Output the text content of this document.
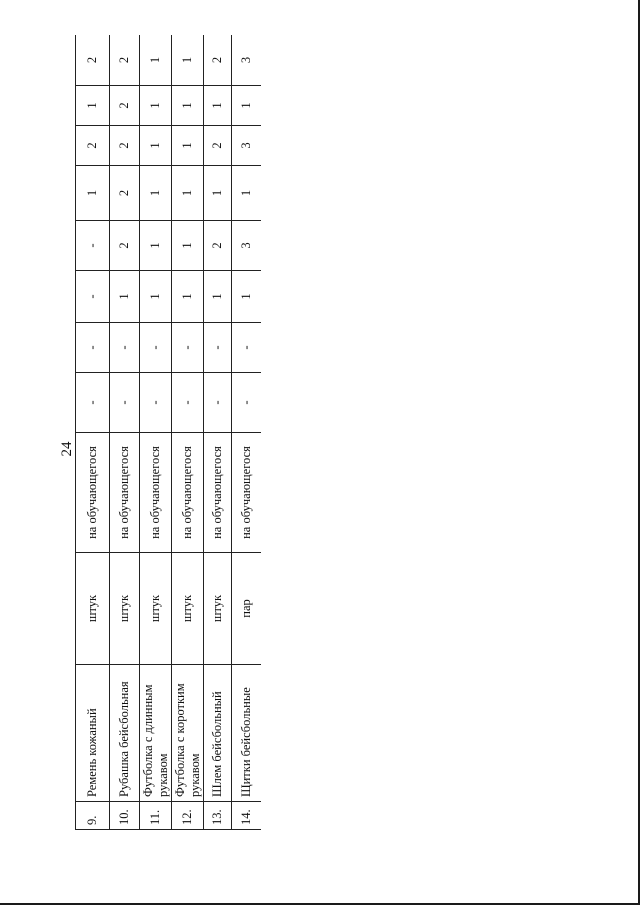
24
9.	Ремень кожаный	штук	на обучающегося	-	-	-	-	1	2	1	2
10.	Рубашка бейсбольная	штук	на обучающегося	-	-	1	2	2	2	2	2
11.	Футболка с длинным рукавом	штук	на обучающегося	-	-	1	1	1	1	1	1
12.	Футболка с коротким рукавом	штук	на обучающегося	-	-	1	1	1	1	1	1
13.	Шлем бейсбольный	штук	на обучающегося	-	-	1	2	1	2	1	2
14.	Щитки бейсбольные	пар	на обучающегося	-	-	1	3	1	3	1	3
